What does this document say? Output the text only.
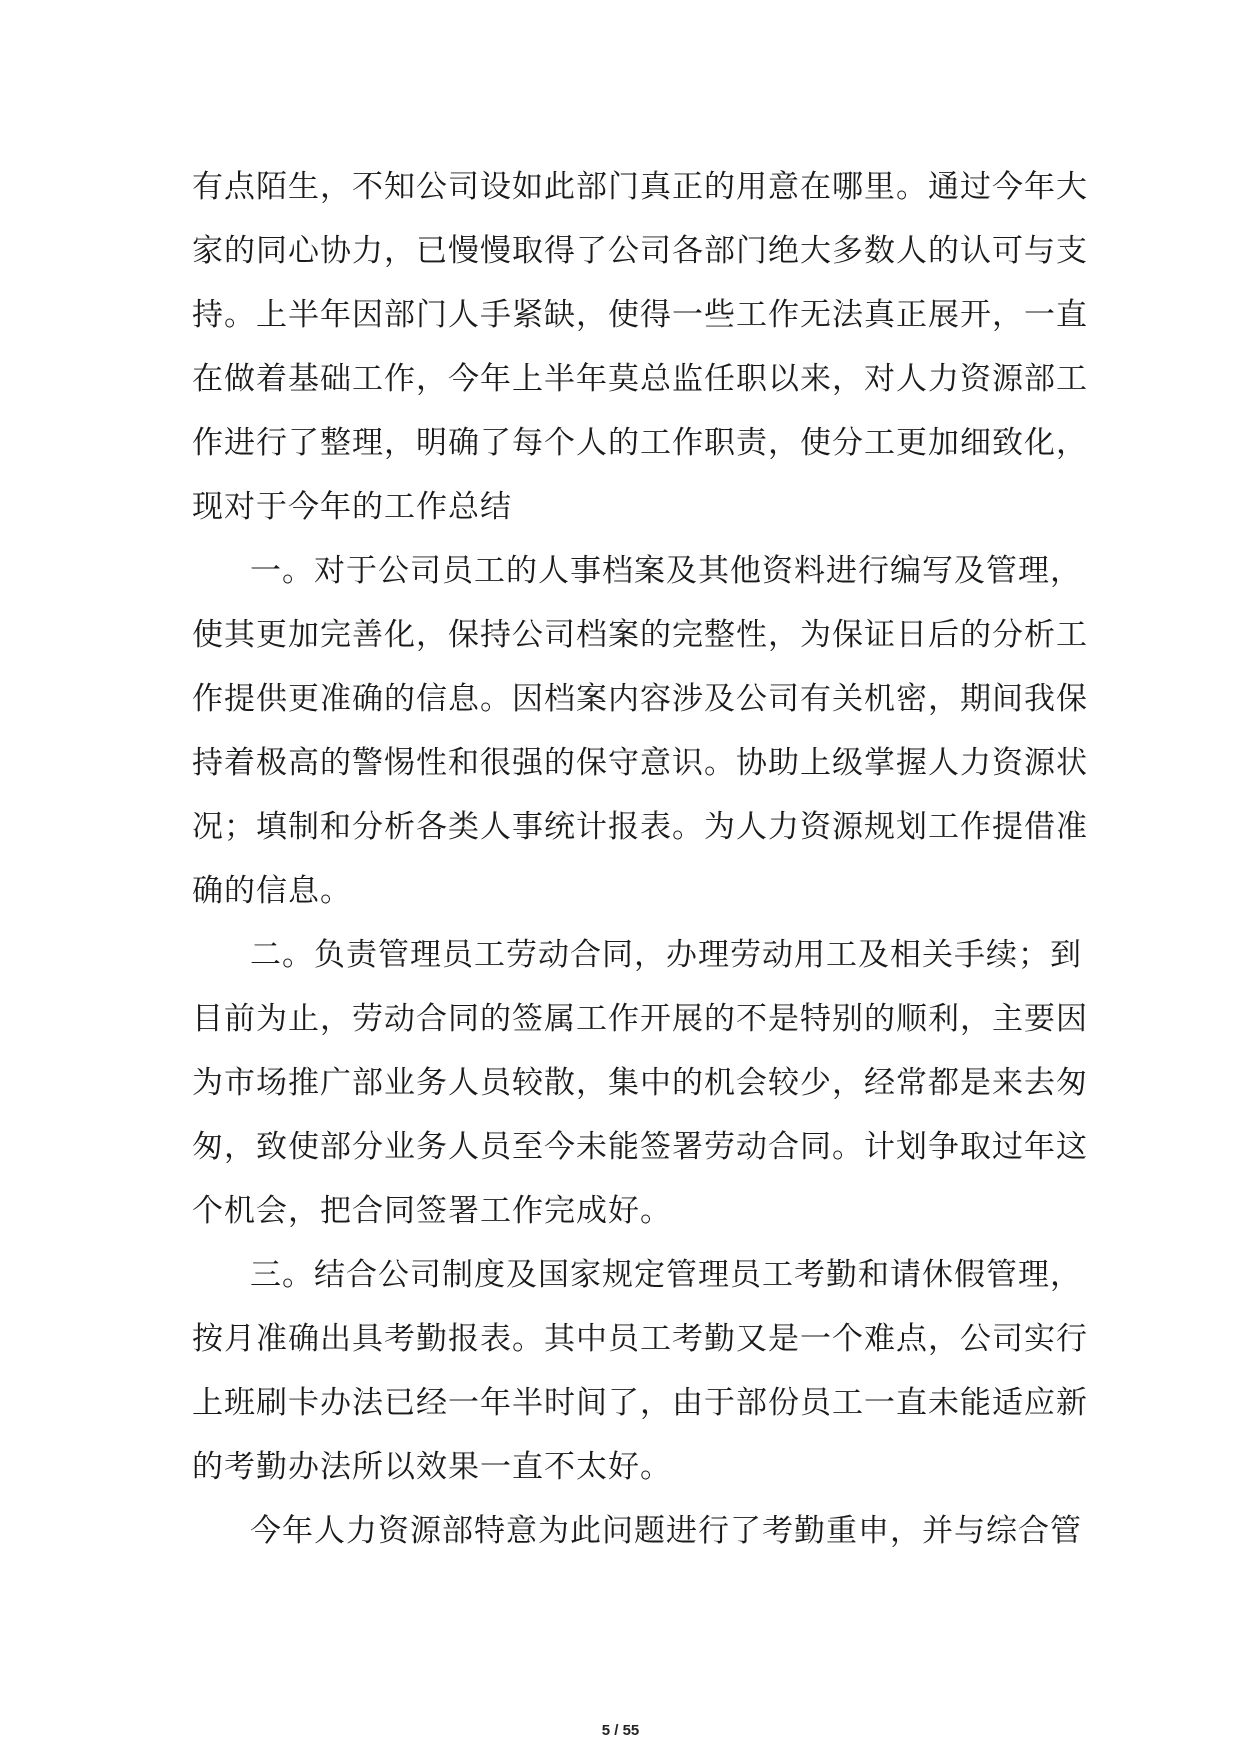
有点陌生，不知公司设如此部门真正的用意在哪里。通过今年大
家的同心协力，已慢慢取得了公司各部门绝大多数人的认可与支
持。上半年因部门人手紧缺，使得一些工作无法真正展开，一直
在做着基础工作，今年上半年莫总监任职以来，对人力资源部工
作进行了整理，明确了每个人的工作职责，使分工更加细致化，
现对于今年的工作总结
一。对于公司员工的人事档案及其他资料进行编写及管理，
使其更加完善化，保持公司档案的完整性，为保证日后的分析工
作提供更准确的信息。因档案内容涉及公司有关机密，期间我保
持着极高的警惕性和很强的保守意识。协助上级掌握人力资源状
况；填制和分析各类人事统计报表。为人力资源规划工作提借准
确的信息。
二。负责管理员工劳动合同，办理劳动用工及相关手续；到
目前为止，劳动合同的签属工作开展的不是特别的顺利，主要因
为市场推广部业务人员较散，集中的机会较少，经常都是来去匆
匆，致使部分业务人员至今未能签署劳动合同。计划争取过年这
个机会，把合同签署工作完成好。
三。结合公司制度及国家规定管理员工考勤和请休假管理，
按月准确出具考勤报表。其中员工考勤又是一个难点，公司实行
上班刷卡办法已经一年半时间了，由于部份员工一直未能适应新
的考勤办法所以效果一直不太好。
今年人力资源部特意为此问题进行了考勤重申，并与综合管
5 / 55
